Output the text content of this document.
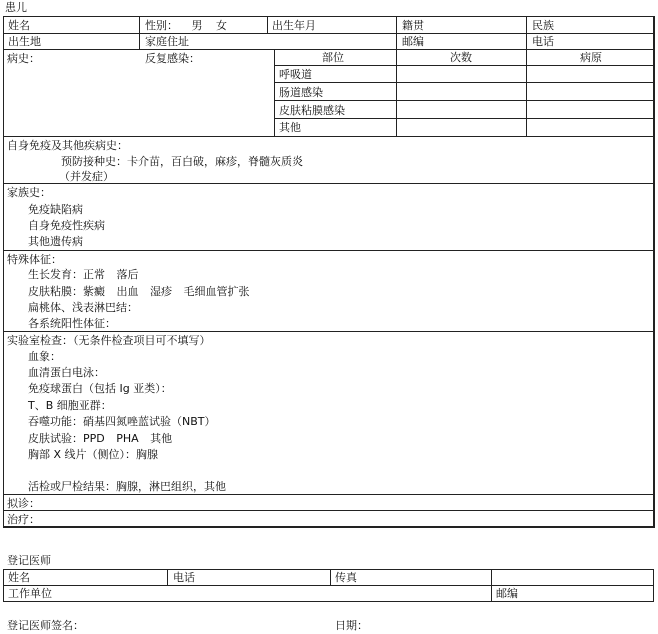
患儿
姓名	性别： 男 女	出生年月	籍贯	民族
出生地	家庭住址	邮编	电话
病史：	反复感染：	部位	次数	病原
呼吸道
肠道感染
皮肤粘膜感染
其他
自身免疫及其他疾病史：
预防接种史：卡介苗，百白破，麻疹，脊髓灰质炎
（并发症）
家族史：
免疫缺陷病
自身免疫性疾病
其他遗传病
特殊体征：
生长发育：正常 落后
皮肤粘膜：紫癜 出血 湿疹 毛细血管扩张
扁桃体、浅表淋巴结：
各系统阳性体征：
实验室检查：（无条件检查项目可不填写）
血象：
血清蛋白电泳：
免疫球蛋白（包括 Ig 亚类）：
T、B 细胞亚群：
吞噬功能：硝基四氮唑蓝试验（NBT）
皮肤试验：PPD PHA 其他
胸部 X 线片（侧位）：胸腺
活检或尸检结果：胸腺，淋巴组织，其他
拟诊：
治疗：
登记医师
姓名	电话	传真
工作单位	邮编
登记医师签名：	日期：
